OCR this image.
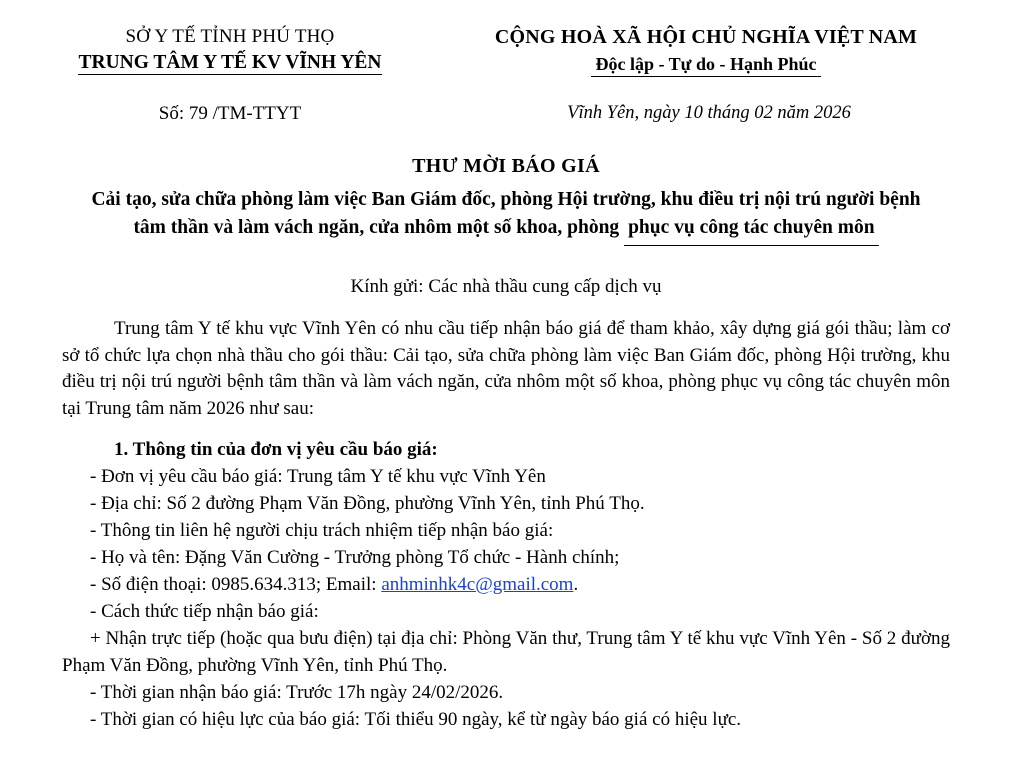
SỞ Y TẾ TỈNH PHÚ THỌ
TRUNG TÂM Y TẾ KV VĨNH YÊN
CỘNG HOÀ XÃ HỘI CHỦ NGHĨA VIỆT NAM
Độc lập - Tự do - Hạnh Phúc
Số: 79 /TM-TTYT	Vĩnh Yên, ngày 10 tháng 02 năm 2026
THƯ MỜI BÁO GIÁ
Cải tạo, sửa chữa phòng làm việc Ban Giám đốc, phòng Hội trường, khu điều trị nội trú người bệnh tâm thần và làm vách ngăn, cửa nhôm một số khoa, phòng phục vụ công tác chuyên môn
Kính gửi: Các nhà thầu cung cấp dịch vụ

Trung tâm Y tế khu vực Vĩnh Yên có nhu cầu tiếp nhận báo giá để tham khảo, xây dựng giá gói thầu; làm cơ sở tổ chức lựa chọn nhà thầu cho gói thầu: Cải tạo, sửa chữa phòng làm việc Ban Giám đốc, phòng Hội trường, khu điều trị nội trú người bệnh tâm thần và làm vách ngăn, cửa nhôm một số khoa, phòng phục vụ công tác chuyên môn tại Trung tâm năm 2026 như sau:

1. Thông tin của đơn vị yêu cầu báo giá:

- Đơn vị yêu cầu báo giá: Trung tâm Y tế khu vực Vĩnh Yên

- Địa chỉ: Số 2 đường Phạm Văn Đồng, phường Vĩnh Yên, tỉnh Phú Thọ.

- Thông tin liên hệ người chịu trách nhiệm tiếp nhận báo giá:

- Họ và tên: Đặng Văn Cường - Trưởng phòng Tổ chức - Hành chính;

- Số điện thoại: 0985.634.313; Email: anhminhk4c@gmail.com.

- Cách thức tiếp nhận báo giá:

+ Nhận trực tiếp (hoặc qua bưu điện) tại địa chỉ: Phòng Văn thư, Trung tâm Y tế khu vực Vĩnh Yên - Số 2 đường Phạm Văn Đồng, phường Vĩnh Yên, tỉnh Phú Thọ.

- Thời gian nhận báo giá: Trước 17h ngày 24/02/2026.

- Thời gian có hiệu lực của báo giá: Tối thiểu 90 ngày, kể từ ngày báo giá có hiệu lực.
